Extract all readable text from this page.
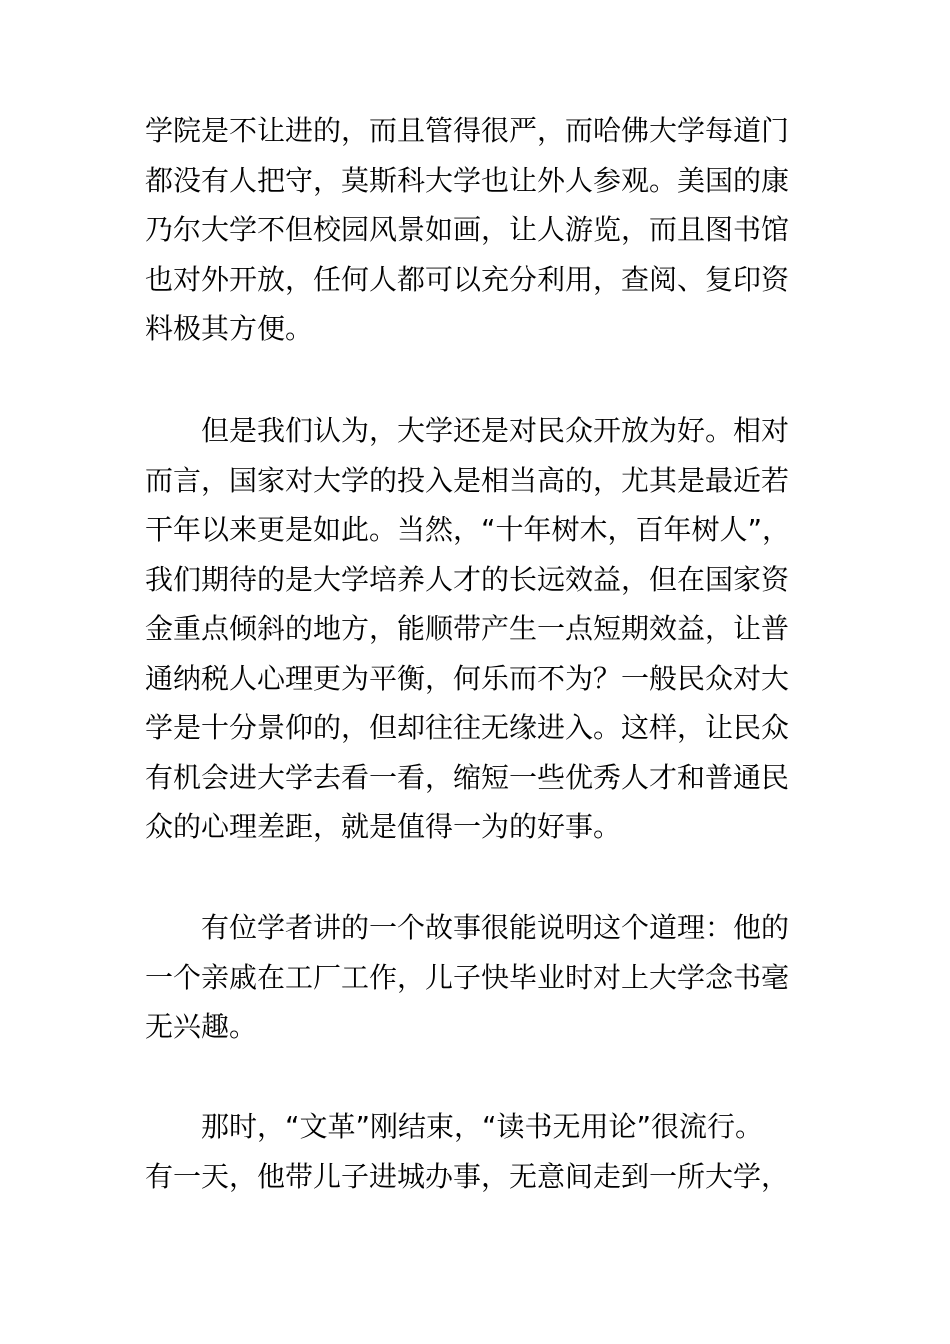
学院是不让进的，而且管得很严，而哈佛大学每道门
都没有人把守，莫斯科大学也让外人参观。美国的康
乃尔大学不但校园风景如画，让人游览，而且图书馆
也对外开放，任何人都可以充分利用，查阅、复印资
料极其方便。

　　但是我们认为，大学还是对民众开放为好。相对
而言，国家对大学的投入是相当高的，尤其是最近若
干年以来更是如此。当然，“十年树木，百年树人”，
我们期待的是大学培养人才的长远效益，但在国家资
金重点倾斜的地方，能顺带产生一点短期效益，让普
通纳税人心理更为平衡，何乐而不为？一般民众对大
学是十分景仰的，但却往往无缘进入。这样，让民众
有机会进大学去看一看，缩短一些优秀人才和普通民
众的心理差距，就是值得一为的好事。

　　有位学者讲的一个故事很能说明这个道理：他的
一个亲戚在工厂工作，儿子快毕业时对上大学念书毫
无兴趣。

　　那时，“文革”刚结束，“读书无用论”很流行。
有一天，他带儿子进城办事，无意间走到一所大学，
